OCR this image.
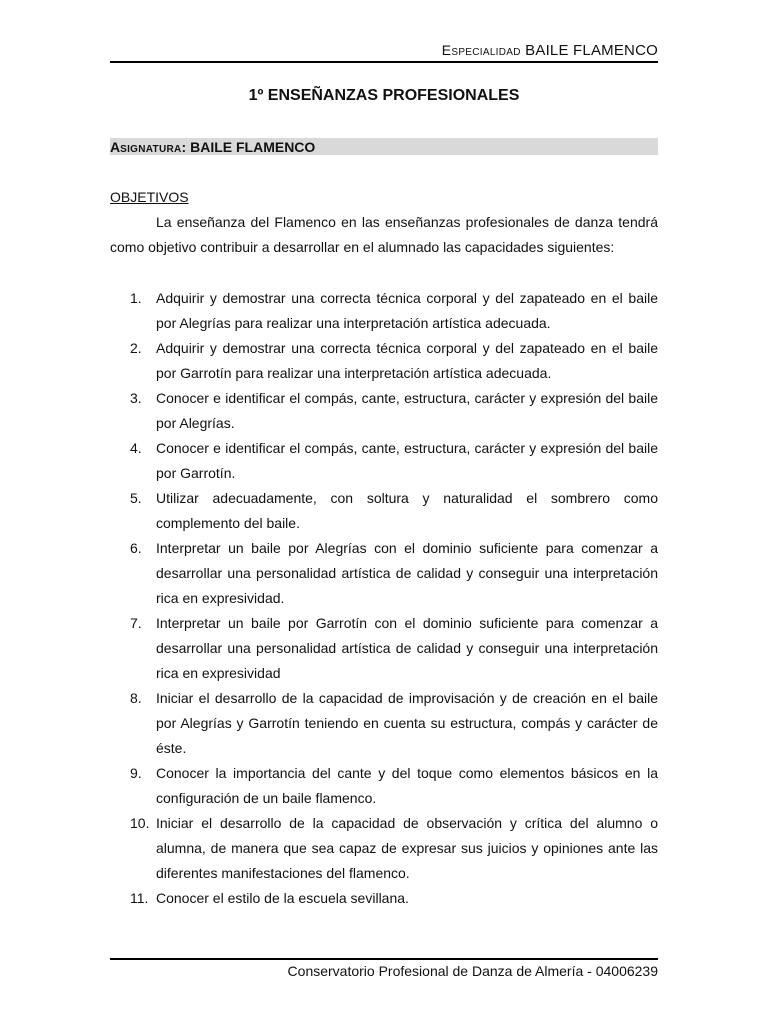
ESPECIALIDAD BAILE FLAMENCO
1º ENSEÑANZAS PROFESIONALES
ASIGNATURA: BAILE FLAMENCO
OBJETIVOS

La enseñanza del Flamenco en las enseñanzas profesionales de danza tendrá como objetivo contribuir a desarrollar en el alumnado las capacidades siguientes:

1. Adquirir y demostrar una correcta técnica corporal y del zapateado en el baile por Alegrías para realizar una interpretación artística adecuada.
2. Adquirir y demostrar una correcta técnica corporal y del zapateado en el baile por Garrotín para realizar una interpretación artística adecuada.
3. Conocer e identificar el compás, cante, estructura, carácter y expresión del baile por Alegrías.
4. Conocer e identificar el compás, cante, estructura, carácter y expresión del baile por Garrotín.
5. Utilizar adecuadamente, con soltura y naturalidad el sombrero como complemento del baile.
6. Interpretar un baile por Alegrías con el dominio suficiente para comenzar a desarrollar una personalidad artística de calidad y conseguir una interpretación rica en expresividad.
7. Interpretar un baile por Garrotín con el dominio suficiente para comenzar a desarrollar una personalidad artística de calidad y conseguir una interpretación rica en expresividad
8. Iniciar el desarrollo de la capacidad de improvisación y de creación en el baile por Alegrías y Garrotín teniendo en cuenta su estructura, compás y carácter de éste.
9. Conocer la importancia del cante y del toque como elementos básicos en la configuración de un baile flamenco.
10. Iniciar el desarrollo de la capacidad de observación y crítica del alumno o alumna, de manera que sea capaz de expresar sus juicios y opiniones ante las diferentes manifestaciones del flamenco.
11. Conocer el estilo de la escuela sevillana.
Conservatorio Profesional de Danza de Almería - 04006239
